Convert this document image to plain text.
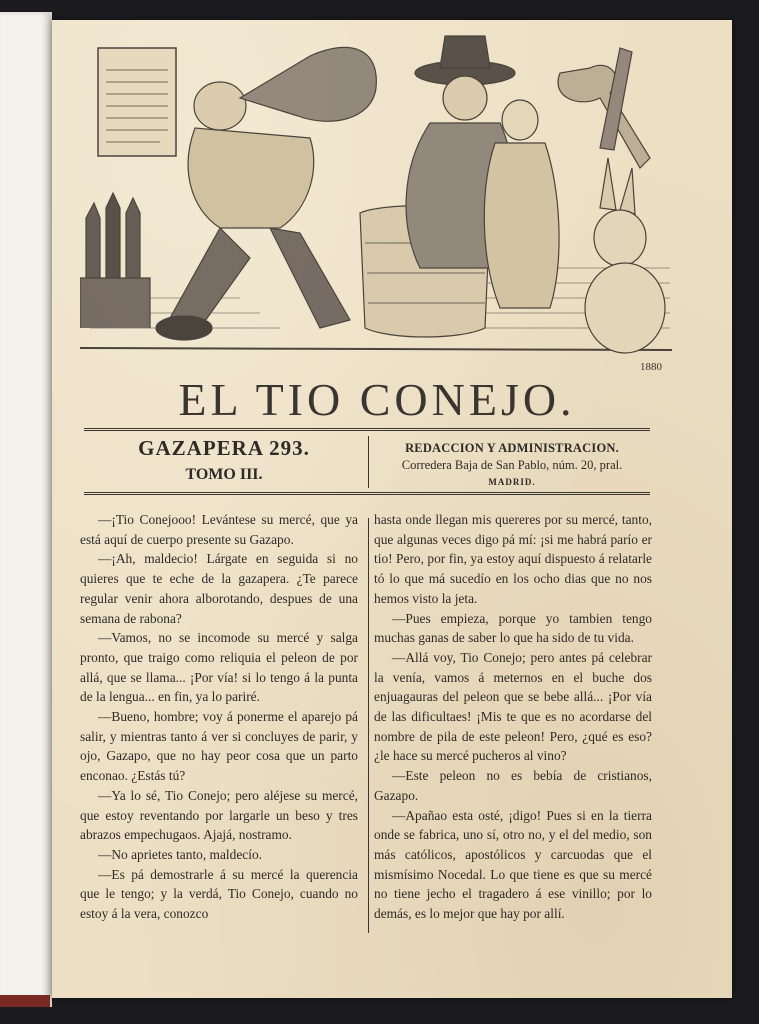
1880
EL TIO CONEJO.
GAZAPERA 293.
TOMO III.
REDACCION Y ADMINISTRACION.
Corredera Baja de San Pablo, núm. 20, pral.
MADRID.

—¡Tio Conejooo! Levántese su mercé, que ya está aquí de cuerpo presente su Gazapo.

—¡Ah, maldecio! Lárgate en seguida si no quieres que te eche de la gazapera. ¿Te parece regular venir ahora alborotando, despues de una semana de rabona?

—Vamos, no se incomode su mercé y salga pronto, que traigo como reliquia el peleon de por allá, que se llama... ¡Por vía! si lo tengo á la punta de la lengua... en fin, ya lo pariré.

—Bueno, hombre; voy á ponerme el aparejo pá salir, y mientras tanto á ver si concluyes de parir, y ojo, Gazapo, que no hay peor cosa que un parto enconao. ¿Estás tú?

—Ya lo sé, Tio Conejo; pero aléjese su mercé, que estoy reventando por largarle un beso y tres abrazos empechugaos. Ajajá, nostramo.

—No aprietes tanto, maldecío.

—Es pá demostrarle á su mercé la querencia que le tengo; y la verdá, Tio Conejo, cuando no estoy á la vera, conozco

hasta onde llegan mis quereres por su mercé, tanto, que algunas veces digo pá mí: ¡si me habrá parío er tio! Pero, por fin, ya estoy aquí dispuesto á relatarle tó lo que má sucedío en los ocho dias que no nos hemos visto la jeta.

—Pues empieza, porque yo tambien tengo muchas ganas de saber lo que ha sido de tu vida.

—Allá voy, Tio Conejo; pero antes pá celebrar la venía, vamos á meternos en el buche dos enjuagauras del peleon que se bebe allá... ¡Por vía de las dificultaes! ¡Mis te que es no acordarse del nombre de pila de este peleon! Pero, ¿qué es eso? ¿le hace su mercé pucheros al vino?

—Este peleon no es bebía de cristianos, Gazapo.

—Apañao esta osté, ¡digo! Pues si en la tierra onde se fabrica, uno sí, otro no, y el del medio, son más católicos, apostólicos y carcuodas que el mismísimo Nocedal. Lo que tiene es que su mercé no tiene jecho el tragadero á ese vinillo; por lo demás, es lo mejor que hay por allí.
